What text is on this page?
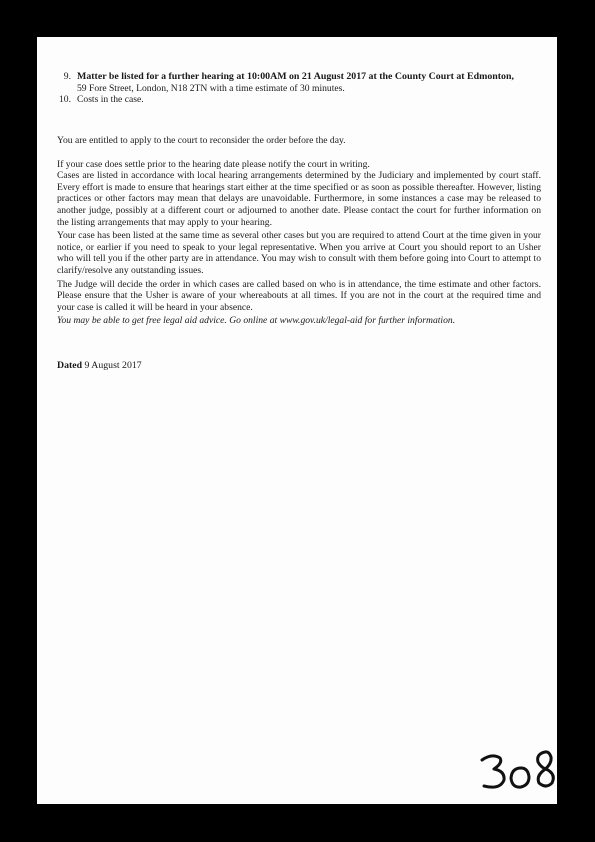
9. Matter be listed for a further hearing at 10:00AM on 21 August 2017 at the County Court at Edmonton,
59 Fore Street, London, N18 2TN with a time estimate of 30 minutes.
10. Costs in the case.

You are entitled to apply to the court to reconsider the order before the day.

If your case does settle prior to the hearing date please notify the court in writing.

Cases are listed in accordance with local hearing arrangements determined by the Judiciary and implemented by court staff. Every effort is made to ensure that hearings start either at the time specified or as soon as possible thereafter. However, listing practices or other factors may mean that delays are unavoidable. Furthermore, in some instances a case may be released to another judge, possibly at a different court or adjourned to another date. Please contact the court for further information on the listing arrangements that may apply to your hearing.

Your case has been listed at the same time as several other cases but you are required to attend Court at the time given in your notice, or earlier if you need to speak to your legal representative. When you arrive at Court you should report to an Usher who will tell you if the other party are in attendance. You may wish to consult with them before going into Court to attempt to clarify/resolve any outstanding issues.

The Judge will decide the order in which cases are called based on who is in attendance, the time estimate and other factors. Please ensure that the Usher is aware of your whereabouts at all times. If you are not in the court at the required time and your case is called it will be heard in your absence.

You may be able to get free legal aid advice. Go online at www.gov.uk/legal-aid for further information.

Dated 9 August 2017
